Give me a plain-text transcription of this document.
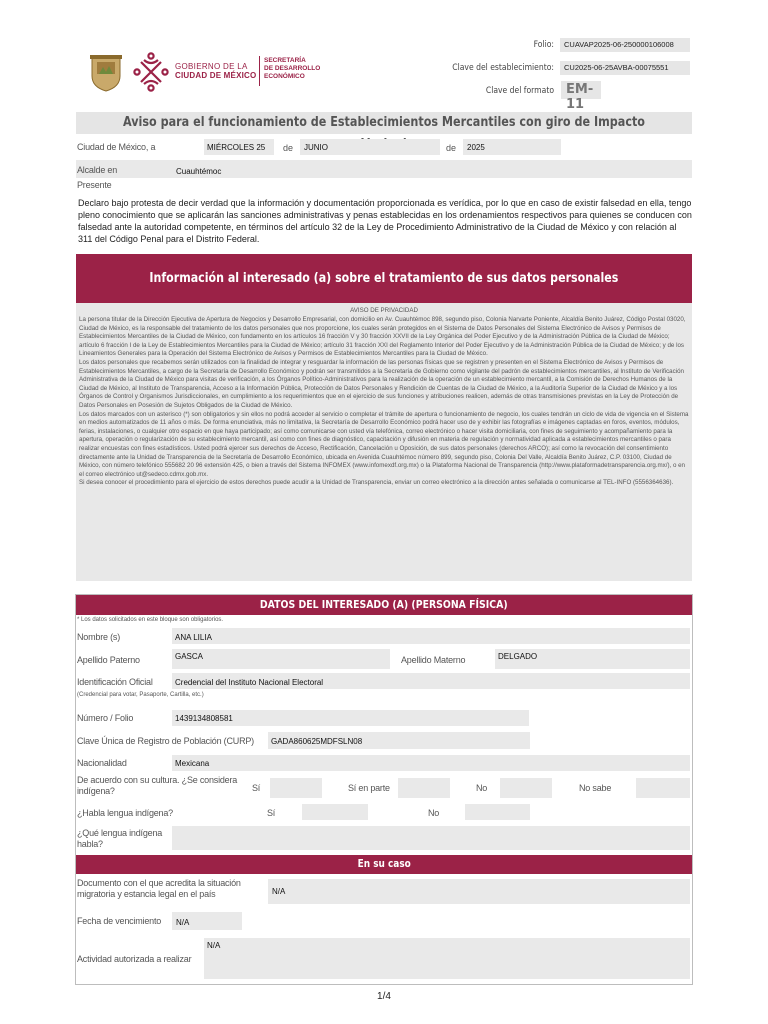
GOBIERNO DE LA
CIUDAD DE MÉXICO
SECRETARÍA
DE DESARROLLO
ECONÓMICO
Folio:	CUAVAP2025-06-250000106008
Clave del establecimiento:	CU2025-06-25AVBA-00075551
Clave del formato EM-11
Aviso para el funcionamiento de Establecimientos Mercantiles con giro de Impacto
Ciudad de México, a	MIÉRCOLES 25 de JUNIO	de 2025
Alcalde en	Cuauhtémoc
Presente
Declaro bajo protesta de decir verdad que la información y documentación proporcionada es verídica, por lo que en caso de existir falsedad en ella, tengo pleno conocimiento que se aplicarán las sanciones administrativas y penas establecidas en los ordenamientos respectivos para quienes se conducen con falsedad ante la autoridad competente, en términos del artículo 32 de la Ley de Procedimiento Administrativo de la Ciudad de México y con relación al 311 del Código Penal para el Distrito Federal.
Información al interesado (a) sobre el tratamiento de sus datos personales
AVISO DE PRIVACIDAD
La persona titular de la Dirección Ejecutiva de Apertura de Negocios y Desarrollo Empresarial, con domicilio en Av. Cuauhtémoc 898, segundo piso, Colonia Narvarte Poniente, Alcaldía Benito Juárez, Código Postal 03020, Ciudad de México, es la responsable del tratamiento de los datos personales que nos proporcione, los cuales serán protegidos en el Sistema de Datos Personales del Sistema Electrónico de Avisos y Permisos de Establecimientos Mercantiles de la Ciudad de México, con fundamento en los artículos 16 fracción V y 30 fracción XXVII de la Ley Orgánica del Poder Ejecutivo y de la Administración Pública de la Ciudad de México; artículo 6 fracción I de la Ley de Establecimientos Mercantiles para la Ciudad de México; artículo 31 fracción XXI del Reglamento Interior del Poder Ejecutivo y de la Administración Pública de la Ciudad de México; y de los Lineamientos Generales para la Operación del Sistema Electrónico de Avisos y Permisos de Establecimientos Mercantiles para la Ciudad de México.
Los datos personales que recabemos serán utilizados con la finalidad de integrar y resguardar la información de las personas físicas que se registren y presenten en el Sistema Electrónico de Avisos y Permisos de Establecimientos Mercantiles, a cargo de la Secretaría de Desarrollo Económico y podrán ser transmitidos a la Secretaría de Gobierno como vigilante del padrón de establecimientos mercantiles, al Instituto de Verificación Administrativa de la Ciudad de México para visitas de verificación, a los Órganos Político-Administrativos para la realización de la operación de un establecimiento mercantil, a la Comisión de Derechos Humanos de la Ciudad de México, al Instituto de Transparencia, Acceso a la Información Pública, Protección de Datos Personales y Rendición de Cuentas de la Ciudad de México, a la Auditoría Superior de la Ciudad de México y a los Órganos de Control y Organismos Jurisdiccionales, en cumplimiento a los requerimientos que en el ejercicio de sus funciones y atribuciones realicen, además de otras transmisiones previstas en la Ley de Protección de Datos Personales en Posesión de Sujetos Obligados de la Ciudad de México.
Los datos marcados con un asterisco (*) son obligatorios y sin ellos no podrá acceder al servicio o completar el trámite de apertura o funcionamiento de negocio, los cuales tendrán un ciclo de vida de vigencia en el Sistema en medios automatizados de 11 años o más. De forma enunciativa, más no limitativa, la Secretaría de Desarrollo Económico podrá hacer uso de y exhibir las fotografías e imágenes captadas en foros, eventos, módulos, ferias, instalaciones, o cualquier otro espacio en que haya participado; así como comunicarse con usted vía telefónica, correo electrónico o hacer visita domiciliaria, con fines de seguimiento y acompañamiento para la apertura, operación o regularización de su establecimiento mercantil, así como con fines de diagnóstico, capacitación y difusión en materia de regulación y normatividad aplicada a establecimientos mercantiles o para realizar encuestas con fines estadísticos. Usted podrá ejercer sus derechos de Acceso, Rectificación, Cancelación u Oposición, de sus datos personales (derechos ARCO); así como la revocación del consentimiento directamente ante la Unidad de Transparencia de la Secretaría de Desarrollo Económico, ubicada en Avenida Cuauhtémoc número 899, segundo piso, Colonia Del Valle, Alcaldía Benito Juárez, C.P. 03100, Ciudad de México, con número telefónico 555682 20 96 extensión 425, o bien a través del Sistema INFOMEX (www.infomexdf.org.mx) o la Plataforma Nacional de Transparencia (http://www.plataformadetransparencia.org.mx/), o en el correo electrónico ut@sedeco.cdmx.gob.mx.
Si desea conocer el procedimiento para el ejercicio de estos derechos puede acudir a la Unidad de Transparencia, enviar un correo electrónico a la dirección antes señalada o comunicarse al TEL-INFO (5556364636).
DATOS DEL INTERESADO (A) (PERSONA FÍSICA)
* Los datos solicitados en este bloque son obligatorios.
Nombre (s)	ANA LILIA
Apellido Paterno	GASCA	Apellido Materno	DELGADO
Identificación Oficial	Credencial del Instituto Nacional Electoral
(Credencial para votar, Pasaporte, Cartilla, etc.)
Número / Folio	1439134808581
Clave Única de Registro de Población (CURP) GADA860625MDFSLN08
Nacionalidad	Mexicana
De acuerdo con su cultura. ¿Se considera indígena?	Sí	Sí en parte	No	No sabe
¿Habla lengua indígena?	Sí	No
¿Qué lengua indígena habla?
En su caso
Documento con el que acredita la situación migratoria y estancia legal en el país	N/A
Fecha de vencimiento N/A
Actividad autorizada a realizar
N/A
1/4
